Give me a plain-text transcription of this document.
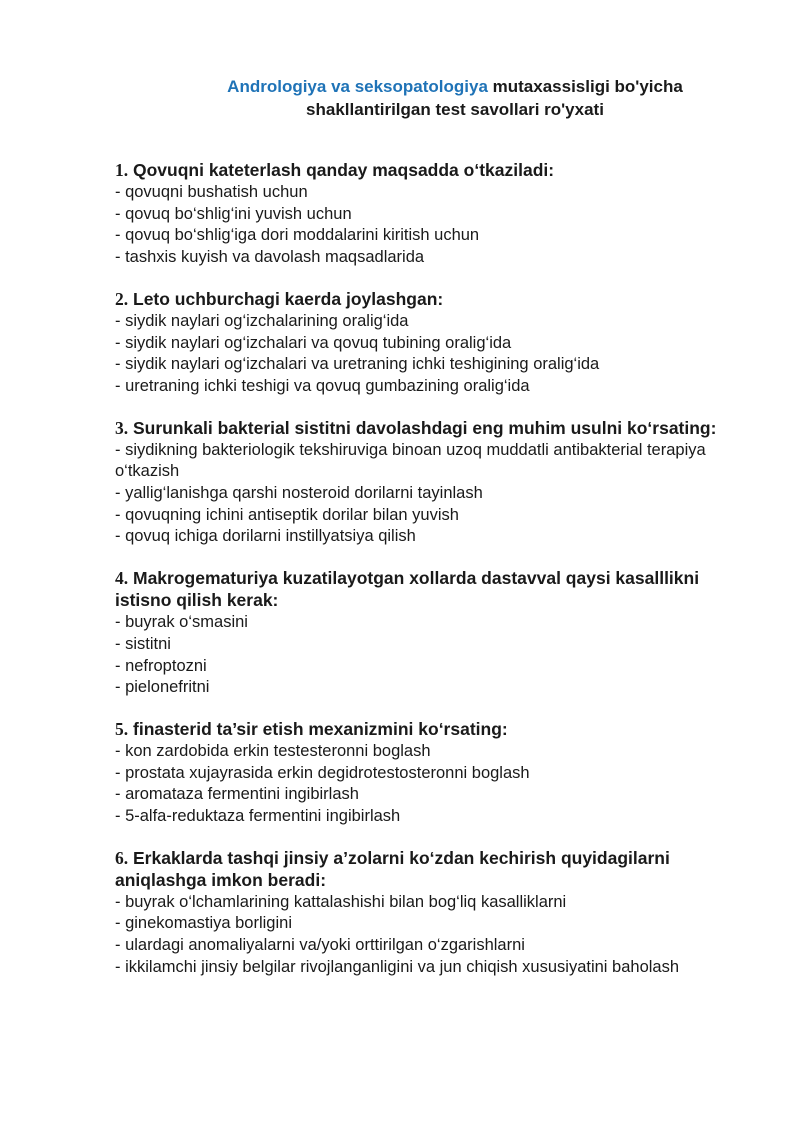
Andrologiya va seksopatologiya mutaxassisligi bo'yicha
shakllantirilgan test savollari ro'yxati
1. Qovuqni kateterlash qanday maqsadda o‘tkaziladi:
- qovuqni bushatish uchun
- qovuq bo‘shlig‘ini yuvish uchun
- qovuq bo‘shlig‘iga dori moddalarini kiritish uchun
- tashxis kuyish va davolash maqsadlarida
2. Leto uchburchagi kaerda joylashgan:
- siydik naylari og‘izchalarining oralig‘ida
- siydik naylari og‘izchalari va qovuq tubining oralig‘ida
- siydik naylari og‘izchalari va uretraning ichki teshigining oralig‘ida
- uretraning ichki teshigi va qovuq gumbazining oralig‘ida
3. Surunkali bakterial sistitni davolashdagi eng muhim usulni ko‘rsating:
- siydikning bakteriologik tekshiruviga binoan uzoq muddatli antibakterial terapiya o‘tkazish
- yallig‘lanishga qarshi nosteroid dorilarni tayinlash
- qovuqning ichini antiseptik dorilar bilan yuvish
- qovuq ichiga dorilarni instillyatsiya qilish
4. Makrogematuriya kuzatilayotgan xollarda dastavval qaysi kasalllikni istisno qilish kerak:
- buyrak o‘smasini
- sistitni
- nefroptozni
- pielonefritni
5. finasterid ta’sir etish mexanizmini ko‘rsating:
- kon zardobida erkin testesteronni boglash
- prostata xujayrasida erkin degidrotestosteronni boglash
- aromataza fermentini ingibirlash
- 5-alfa-reduktaza fermentini ingibirlash
6. Erkaklarda tashqi jinsiy a’zolarni ko‘zdan kechirish quyidagilarni aniqlashga imkon beradi:
- buyrak o‘lchamlarining kattalashishi bilan bog‘liq kasalliklarni
- ginekomastiya borligini
- ulardagi anomaliyalarni va/yoki orttirilgan o‘zgarishlarni
- ikkilamchi jinsiy belgilar rivojlanganligini va jun chiqish xususiyatini baholash
